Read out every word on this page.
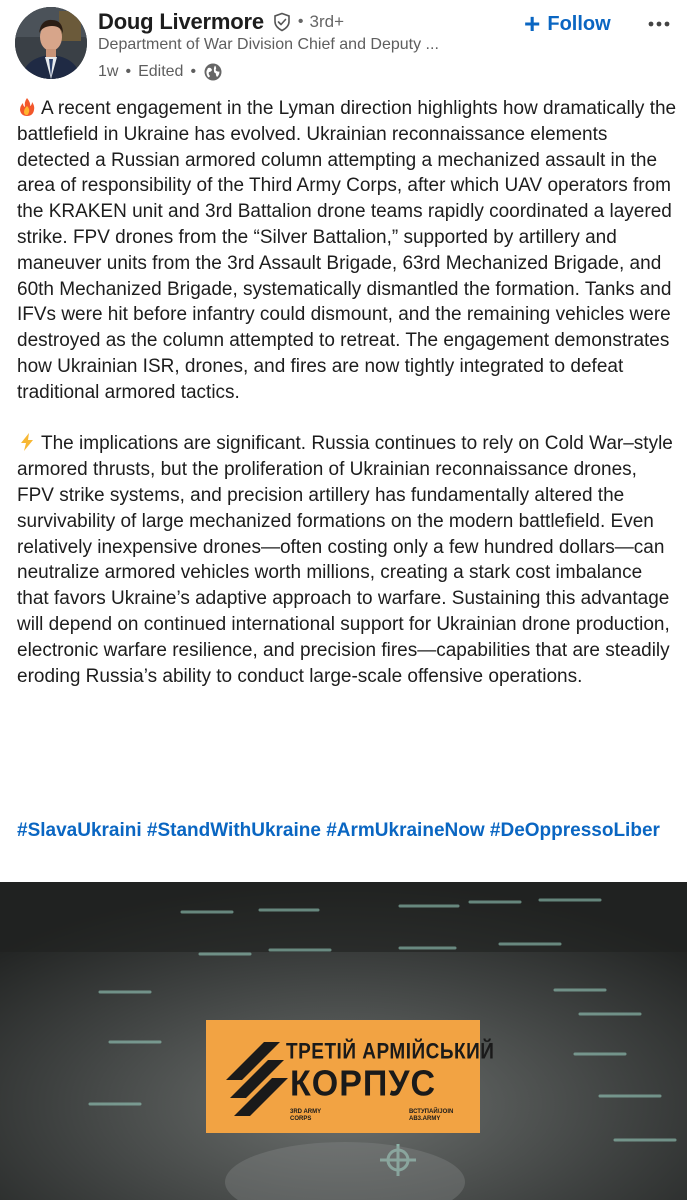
Doug Livermore • 3rd+
Department of War Division Chief and Deputy ...
1w • Edited •
+ Follow

A recent engagement in the Lyman direction highlights how dramatically the battlefield in Ukraine has evolved. Ukrainian reconnaissance elements detected a Russian armored column attempting a mechanized assault in the area of responsibility of the Third Army Corps, after which UAV operators from the KRAKEN unit and 3rd Battalion drone teams rapidly coordinated a layered strike. FPV drones from the “Silver Battalion,” supported by artillery and maneuver units from the 3rd Assault Brigade, 63rd Mechanized Brigade, and 60th Mechanized Brigade, systematically dismantled the formation. Tanks and IFVs were hit before infantry could dismount, and the remaining vehicles were destroyed as the column attempted to retreat. The engagement demonstrates how Ukrainian ISR, drones, and fires are now tightly integrated to defeat traditional armored tactics.

The implications are significant. Russia continues to rely on Cold War–style armored thrusts, but the proliferation of Ukrainian reconnaissance drones, FPV strike systems, and precision artillery has fundamentally altered the survivability of large mechanized formations on the modern battlefield. Even relatively inexpensive drones—often costing only a few hundred dollars—can neutralize armored vehicles worth millions, creating a stark cost imbalance that favors Ukraine’s adaptive approach to warfare. Sustaining this advantage will depend on continued international support for Ukrainian drone production, electronic warfare resilience, and precision fires—capabilities that are steadily eroding Russia’s ability to conduct large-scale offensive operations.

#SlavaUkraini #StandWithUkraine #ArmUkraineNow #DeOppressoLiber
ТРЕТІЙ АРМІЙСЬКИЙ
КОРПУС
3RD ARMY
CORPS
ВСТУПАЙ/JOIN
AB3.ARMY
